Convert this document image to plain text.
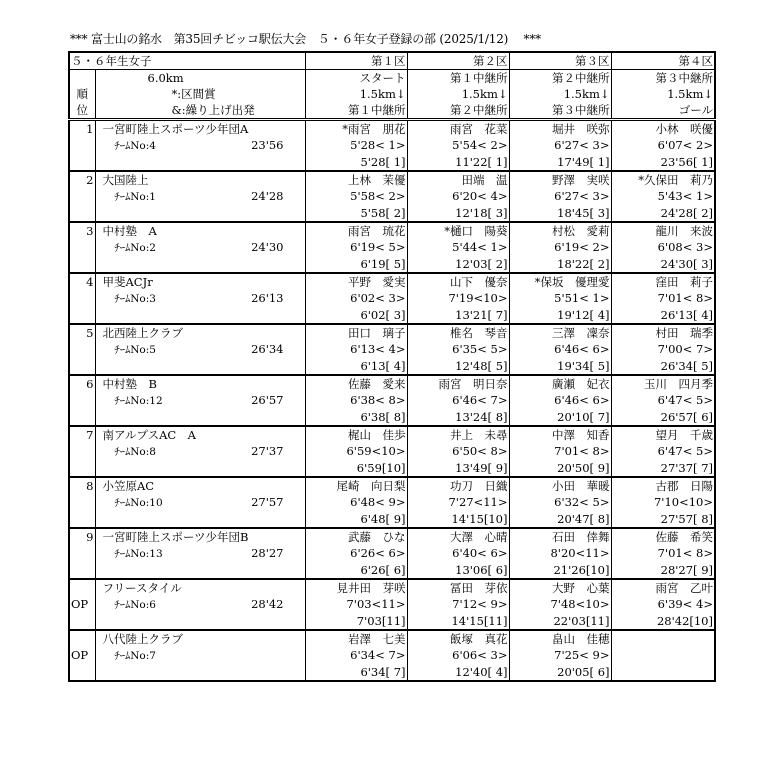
*** 富士山の銘水　第35回チビッコ駅伝大会　５・６年女子登録の部 (2025/1/12)　 ***
５・６年生女子		第１区	第２区	第３区	第４区
	6.0km	スタート	第１中継所	第２中継所	第３中継所
順	*:区間賞	1.5km↓	1.5km↓	1.5km↓	1.5km↓
位	&:繰り上げ出発	第１中継所	第２中継所	第３中継所	ゴール
1	一宮町陸上スポーツ少年団A	*雨宮　朋花	雨宮　花菜	堀井　咲弥	小林　咲優
	ﾁｰﾑNo:4 23'56	5'28< 1>	5'54< 2>	6'27< 3>	6'07< 2>
		5'28[ 1]	11'22[ 1]	17'49[ 1]	23'56[ 1]
2	大国陸上	上林　茉優	田端　温	野澤　実咲	*久保田　莉乃
	ﾁｰﾑNo:1 24'28	5'58< 2>	6'20< 4>	6'27< 3>	5'43< 1>
		5'58[ 2]	12'18[ 3]	18'45[ 3]	24'28[ 2]
3	中村塾　A	雨宮　琉花	*樋口　陽葵	村松　愛莉	龍川　来波
	ﾁｰﾑNo:2 24'30	6'19< 5>	5'44< 1>	6'19< 2>	6'08< 3>
		6'19[ 5]	12'03[ 2]	18'22[ 2]	24'30[ 3]
4	甲斐ACJr	平野　愛実	山下　優奈	*保坂　優理愛	窪田　莉子
	ﾁｰﾑNo:3 26'13	6'02< 3>	7'19<10>	5'51< 1>	7'01< 8>
		6'02[ 3]	13'21[ 7]	19'12[ 4]	26'13[ 4]
5	北西陸上クラブ	田口　璃子	椎名　琴音	三澤　凜奈	村田　瑞季
	ﾁｰﾑNo:5 26'34	6'13< 4>	6'35< 5>	6'46< 6>	7'00< 7>
		6'13[ 4]	12'48[ 5]	19'34[ 5]	26'34[ 5]
6	中村塾　B	佐藤　愛来	雨宮　明日奈	廣瀬　妃衣	玉川　四月季
	ﾁｰﾑNo:12 26'57	6'38< 8>	6'46< 7>	6'46< 6>	6'47< 5>
		6'38[ 8]	13'24[ 8]	20'10[ 7]	26'57[ 6]
7	南アルプスAC　A	梶山　佳歩	井上　未尋	中澤　知香	望月　千歳
	ﾁｰﾑNo:8 27'37	6'59<10>	6'50< 8>	7'01< 8>	6'47< 5>
		6'59[10]	13'49[ 9]	20'50[ 9]	27'37[ 7]
8	小笠原AC	尾崎　向日梨	功刀　日織	小田　華暖	古郡　日陽
	ﾁｰﾑNo:10 27'57	6'48< 9>	7'27<11>	6'32< 5>	7'10<10>
		6'48[ 9]	14'15[10]	20'47[ 8]	27'57[ 8]
9	一宮町陸上スポーツ少年団B	武藤　ひな	大澤　心晴	石田　倖舞	佐藤　希笑
	ﾁｰﾑNo:13 28'27	6'26< 6>	6'40< 6>	8'20<11>	7'01< 8>
		6'26[ 6]	13'06[ 6]	21'26[10]	28'27[ 9]
	フリースタイル	見井田　芽咲	冨田　芽依	大野　心葉	雨宮　乙叶
OP	ﾁｰﾑNo:6 28'42	7'03<11>	7'12< 9>	7'48<10>	6'39< 4>
		7'03[11]	14'15[11]	22'03[11]	28'42[10]
	八代陸上クラブ	岩澤　七美	飯塚　真花	畠山　佳穂	
OP	ﾁｰﾑNo:7	6'34< 7>	6'06< 3>	7'25< 9>	
		6'34[ 7]	12'40[ 4]	20'05[ 6]	
